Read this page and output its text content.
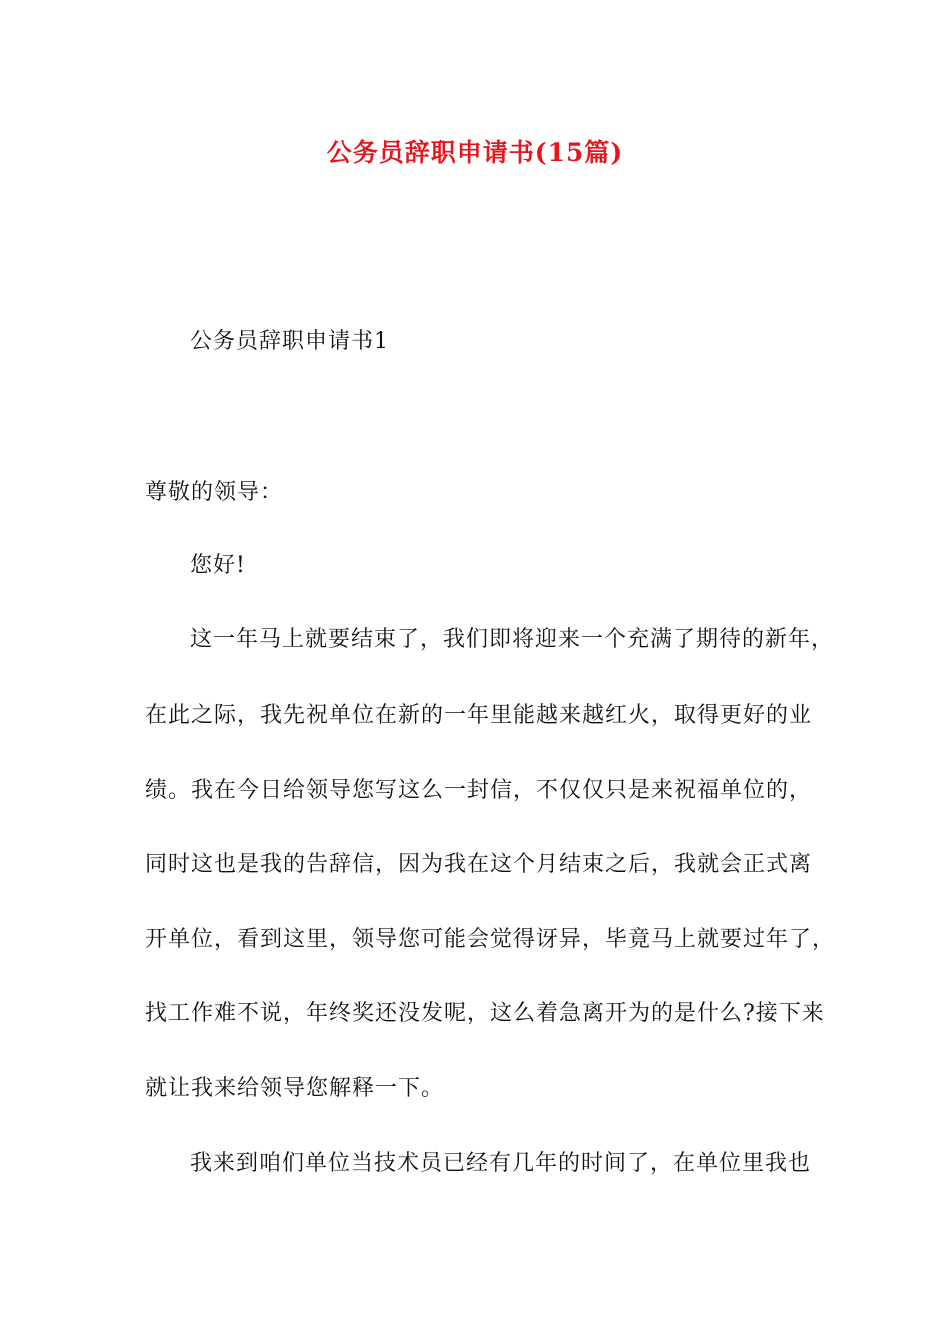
公务员辞职申请书(15篇)
公务员辞职申请书1
尊敬的领导：
您好!
这一年马上就要结束了，我们即将迎来一个充满了期待的新年，
在此之际，我先祝单位在新的一年里能越来越红火，取得更好的业
绩。我在今日给领导您写这么一封信，不仅仅只是来祝福单位的，
同时这也是我的告辞信，因为我在这个月结束之后，我就会正式离
开单位，看到这里，领导您可能会觉得讶异，毕竟马上就要过年了，
找工作难不说，年终奖还没发呢，这么着急离开为的是什么?接下来
就让我来给领导您解释一下。
我来到咱们单位当技术员已经有几年的时间了，在单位里我也
